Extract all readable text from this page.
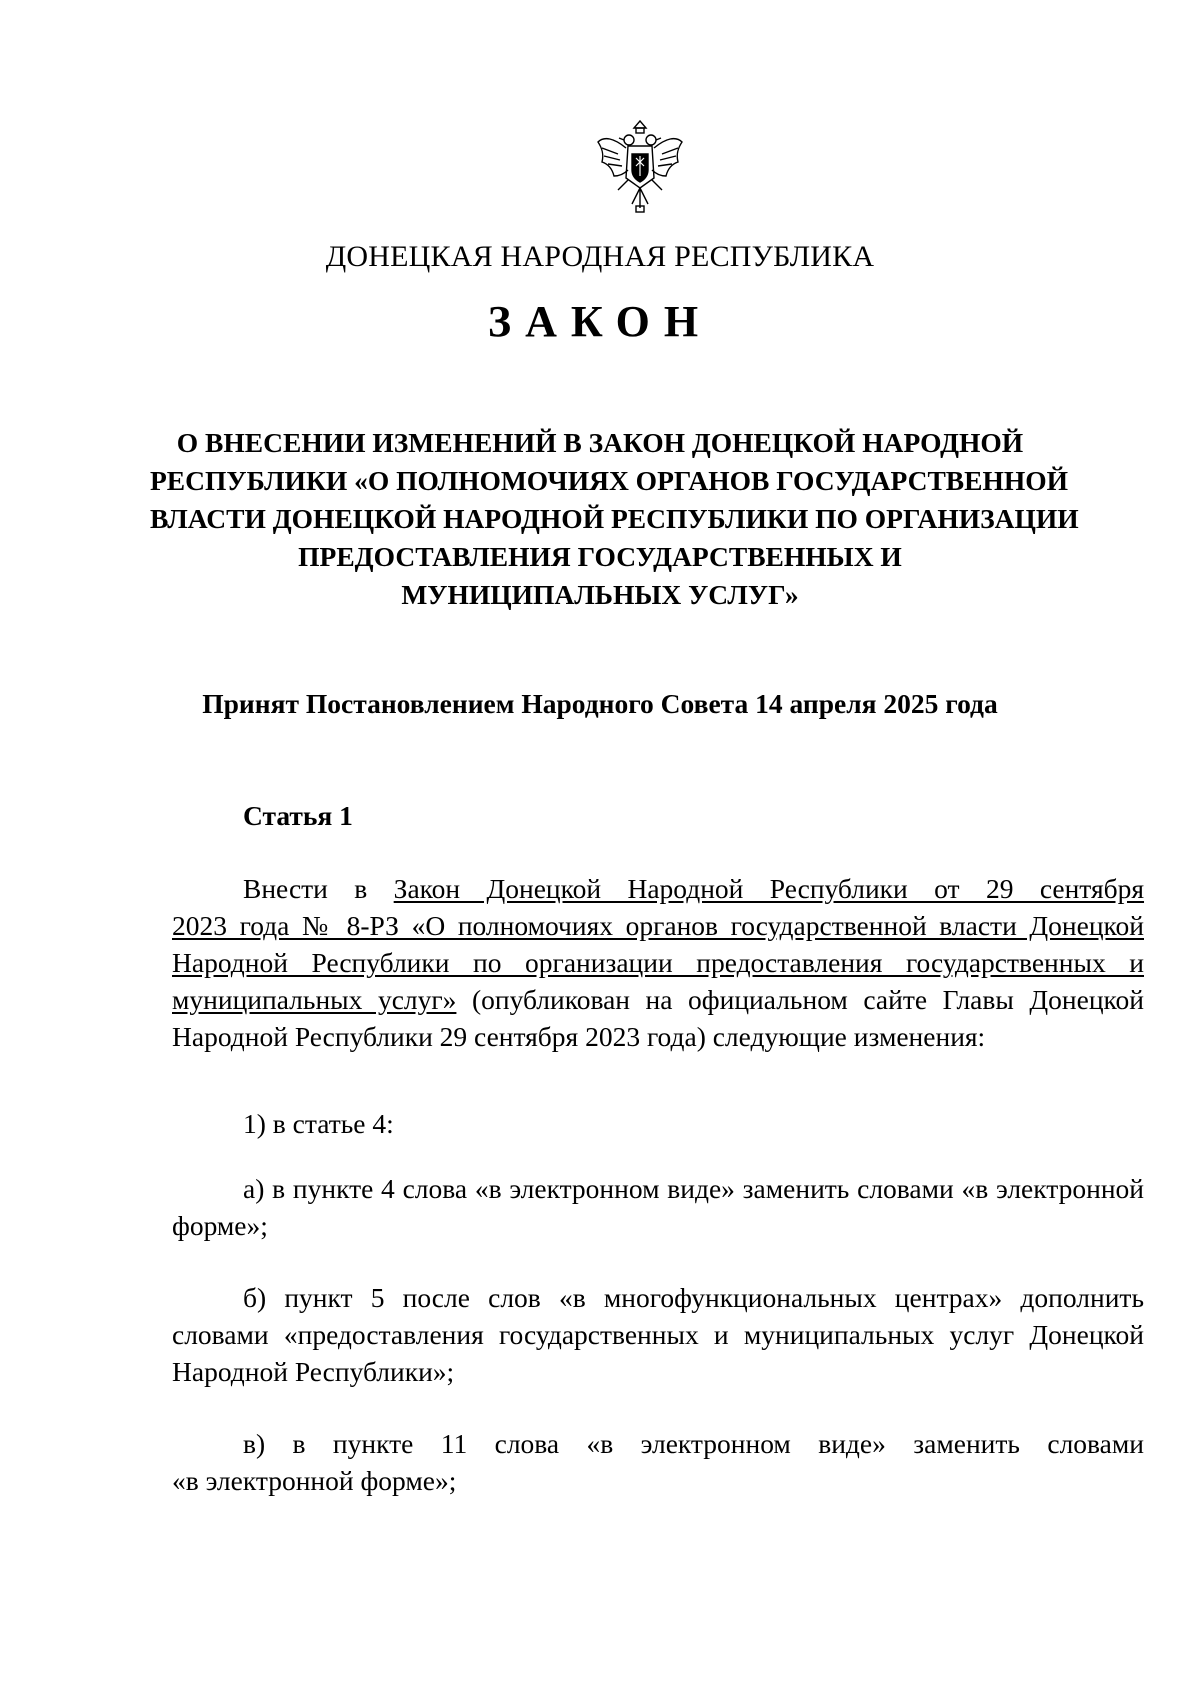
ДОНЕЦКАЯ НАРОДНАЯ РЕСПУБЛИКА
ЗАКОН
О ВНЕСЕНИИ ИЗМЕНЕНИЙ В ЗАКОН ДОНЕЦКОЙ НАРОДНОЙ
РЕСПУБЛИКИ «О ПОЛНОМОЧИЯХ ОРГАНОВ ГОСУДАРСТВЕННОЙ
ВЛАСТИ ДОНЕЦКОЙ НАРОДНОЙ РЕСПУБЛИКИ ПО ОРГАНИЗАЦИИ
ПРЕДОСТАВЛЕНИЯ ГОСУДАРСТВЕННЫХ И
МУНИЦИПАЛЬНЫХ УСЛУГ»
Принят Постановлением Народного Совета 14 апреля 2025 года
Статья 1
Внести в Закон Донецкой Народной Республики от 29 сентября
2023 года № 8-РЗ «О полномочиях органов государственной власти Донецкой
Народной Республики по организации предоставления государственных и
муниципальных услуг» (опубликован на официальном сайте Главы Донецкой
Народной Республики 29 сентября 2023 года) следующие изменения:
1) в статье 4:
а) в пункте 4 слова «в электронном виде» заменить словами «в электронной
форме»;
б) пункт 5 после слов «в многофункциональных центрах» дополнить
словами «предоставления государственных и муниципальных услуг Донецкой
Народной Республики»;
в) в пункте 11 слова «в электронном виде» заменить словами
«в электронной форме»;
